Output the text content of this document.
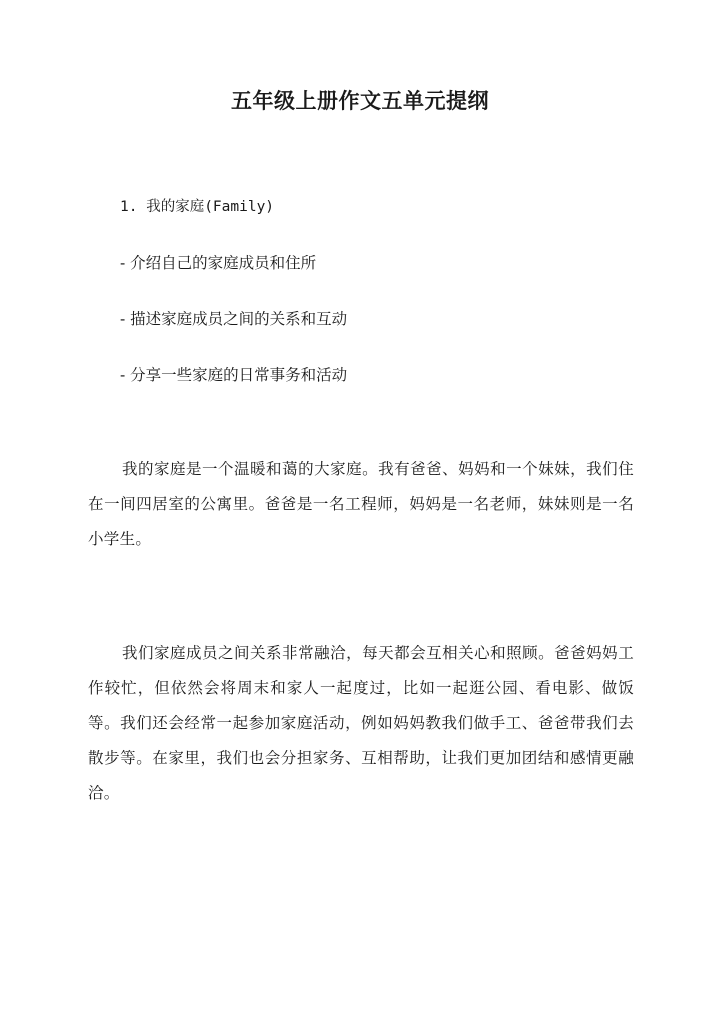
五年级上册作文五单元提纲
1. 我的家庭(Family)
- 介绍自己的家庭成员和住所
- 描述家庭成员之间的关系和互动
- 分享一些家庭的日常事务和活动

我的家庭是一个温暖和蔼的大家庭。我有爸爸、妈妈和一个妹妹，我们住在一间四居室的公寓里。爸爸是一名工程师，妈妈是一名老师，妹妹则是一名小学生。

我们家庭成员之间关系非常融洽，每天都会互相关心和照顾。爸爸妈妈工作较忙，但依然会将周末和家人一起度过，比如一起逛公园、看电影、做饭等。我们还会经常一起参加家庭活动，例如妈妈教我们做手工、爸爸带我们去散步等。在家里，我们也会分担家务、互相帮助，让我们更加团结和感情更融洽。
